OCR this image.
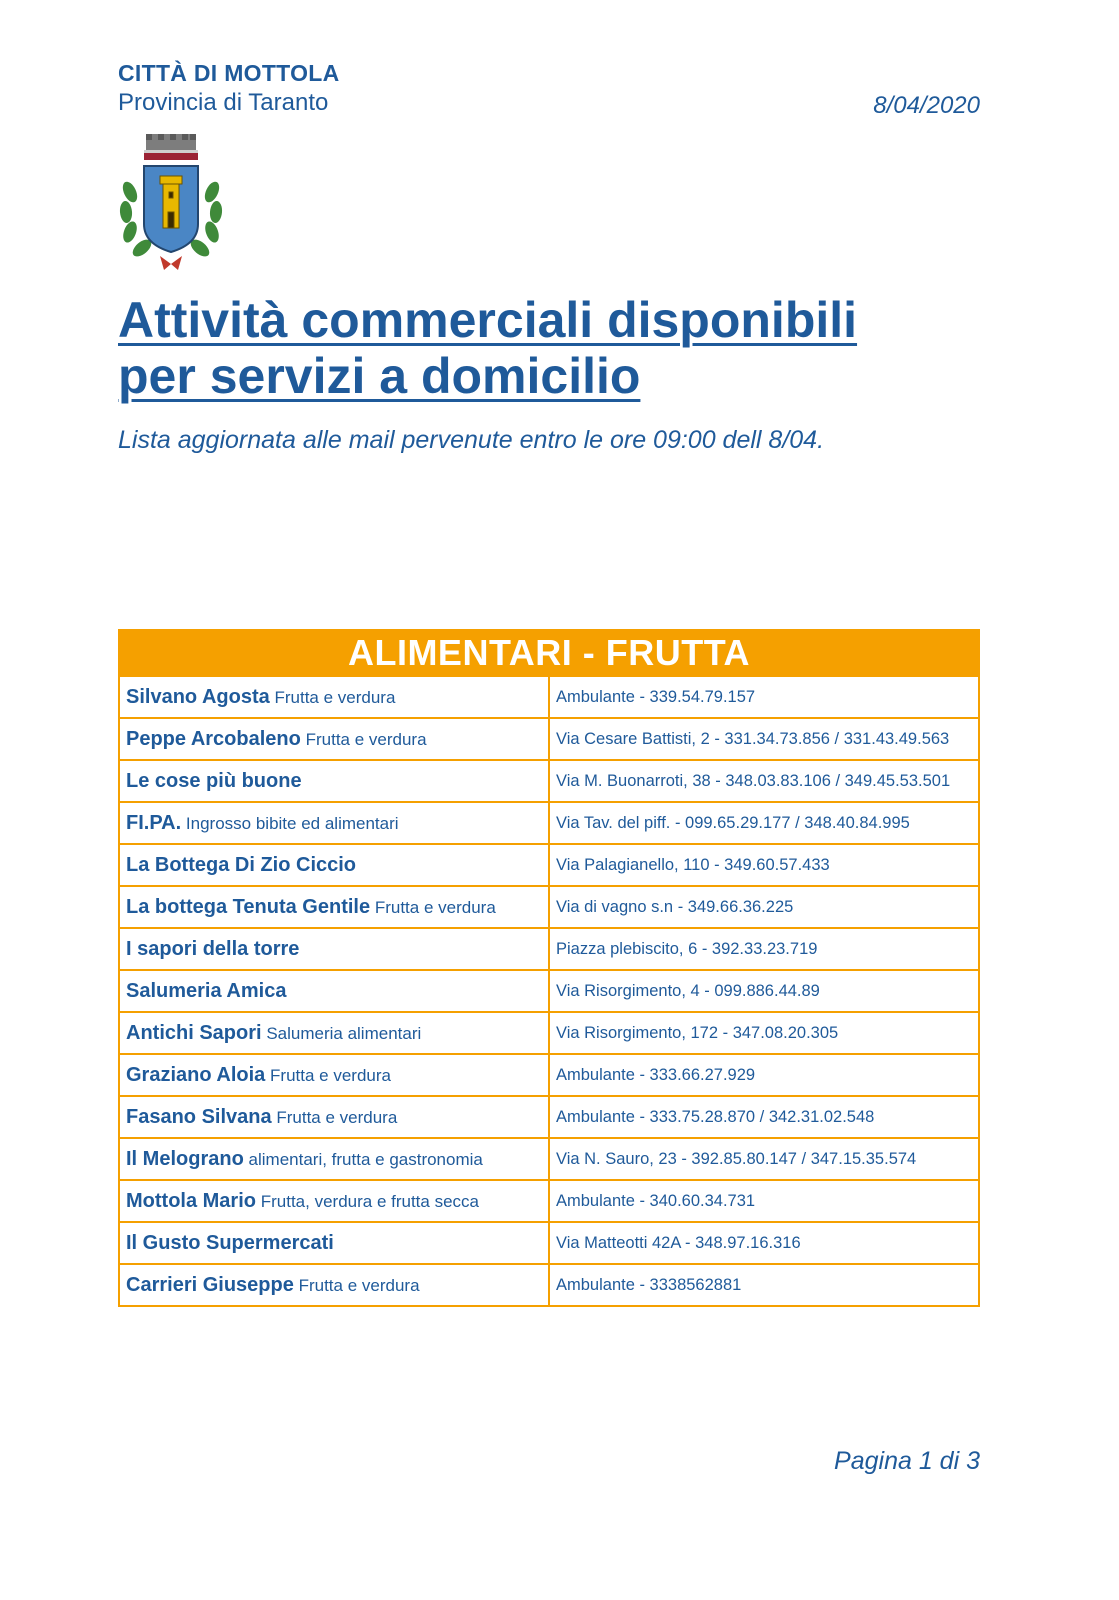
CITTÀ DI MOTTOLA
Provincia di Taranto	8/04/2020
Attività commerciali disponibili
per servizi a domicilio
Lista aggiornata alle mail pervenute entro le ore 09:00 dell 8/04.
ALIMENTARI - FRUTTA	
Silvano Agosta Frutta e verdura	Ambulante - 339.54.79.157
Peppe Arcobaleno Frutta e verdura	Via Cesare Battisti, 2 - 331.34.73.856 / 331.43.49.563
Le cose più buone	Via M. Buonarroti, 38 - 348.03.83.106 / 349.45.53.501
FI.PA. Ingrosso bibite ed alimentari	Via Tav. del piff. - 099.65.29.177 / 348.40.84.995
La Bottega Di Zio Ciccio	Via Palagianello, 110 - 349.60.57.433
La bottega Tenuta Gentile Frutta e verdura	Via di vagno s.n - 349.66.36.225
I sapori della torre	Piazza plebiscito, 6 - 392.33.23.719
Salumeria Amica	Via Risorgimento, 4 - 099.886.44.89
Antichi Sapori Salumeria alimentari	Via Risorgimento, 172 - 347.08.20.305
Graziano Aloia Frutta e verdura	Ambulante - 333.66.27.929
Fasano Silvana Frutta e verdura	Ambulante - 333.75.28.870 / 342.31.02.548
Il Melograno alimentari, frutta e gastronomia	Via N. Sauro, 23 - 392.85.80.147 / 347.15.35.574
Mottola Mario Frutta, verdura e frutta secca	Ambulante - 340.60.34.731
Il Gusto Supermercati	Via Matteotti 42A - 348.97.16.316
Carrieri Giuseppe Frutta e verdura	Ambulante - 3338562881
Pagina 1 di 3
